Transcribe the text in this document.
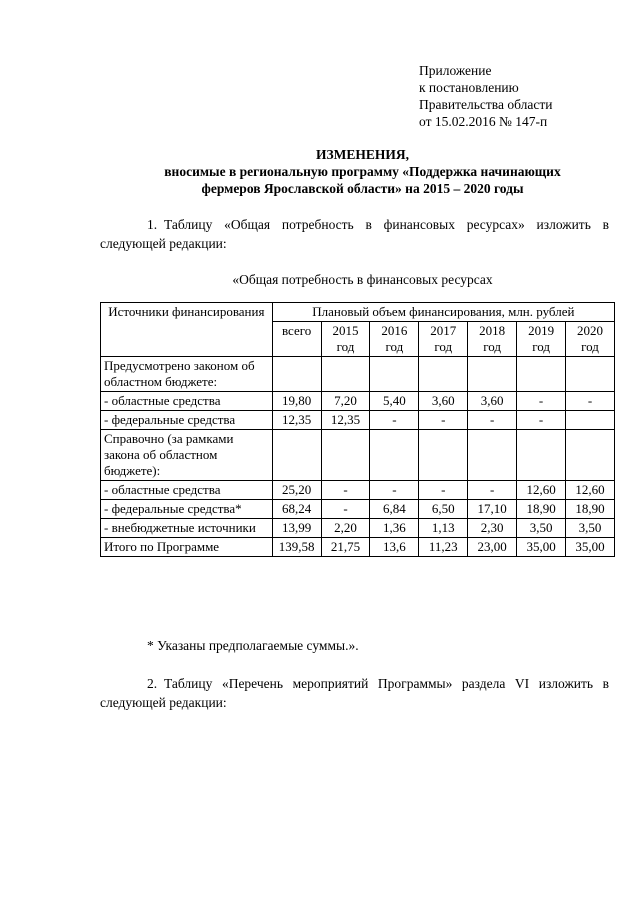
Приложение
к постановлению
Правительства области
от 15.02.2016 № 147-п
ИЗМЕНЕНИЯ,
вносимые в региональную программу «Поддержка начинающих
фермеров Ярославской области» на 2015 – 2020 годы
1. Таблицу «Общая потребность в финансовых ресурсах» изложить в следующей редакции:
«Общая потребность в финансовых ресурсах
Источники финансирования	Плановый объем финансирования, млн. рублей						
	всего	2015 год	2016 год	2017 год	2018 год	2019 год	2020 год
Предусмотрено законом об областном бюджете:							
- областные средства	19,80	7,20	5,40	3,60	3,60	-	-
- федеральные средства	12,35	12,35	-	-	-	-	
Справочно (за рамками закона об областном бюджете):							
- областные средства	25,20	-	-	-	-	12,60	12,60
- федеральные средства*	68,24	-	6,84	6,50	17,10	18,90	18,90
- внебюджетные источники	13,99	2,20	1,36	1,13	2,30	3,50	3,50
Итого по Программе	139,58	21,75	13,6	11,23	23,00	35,00	35,00
* Указаны предполагаемые суммы.».
2. Таблицу «Перечень мероприятий Программы» раздела VI изложить в следующей редакции:
